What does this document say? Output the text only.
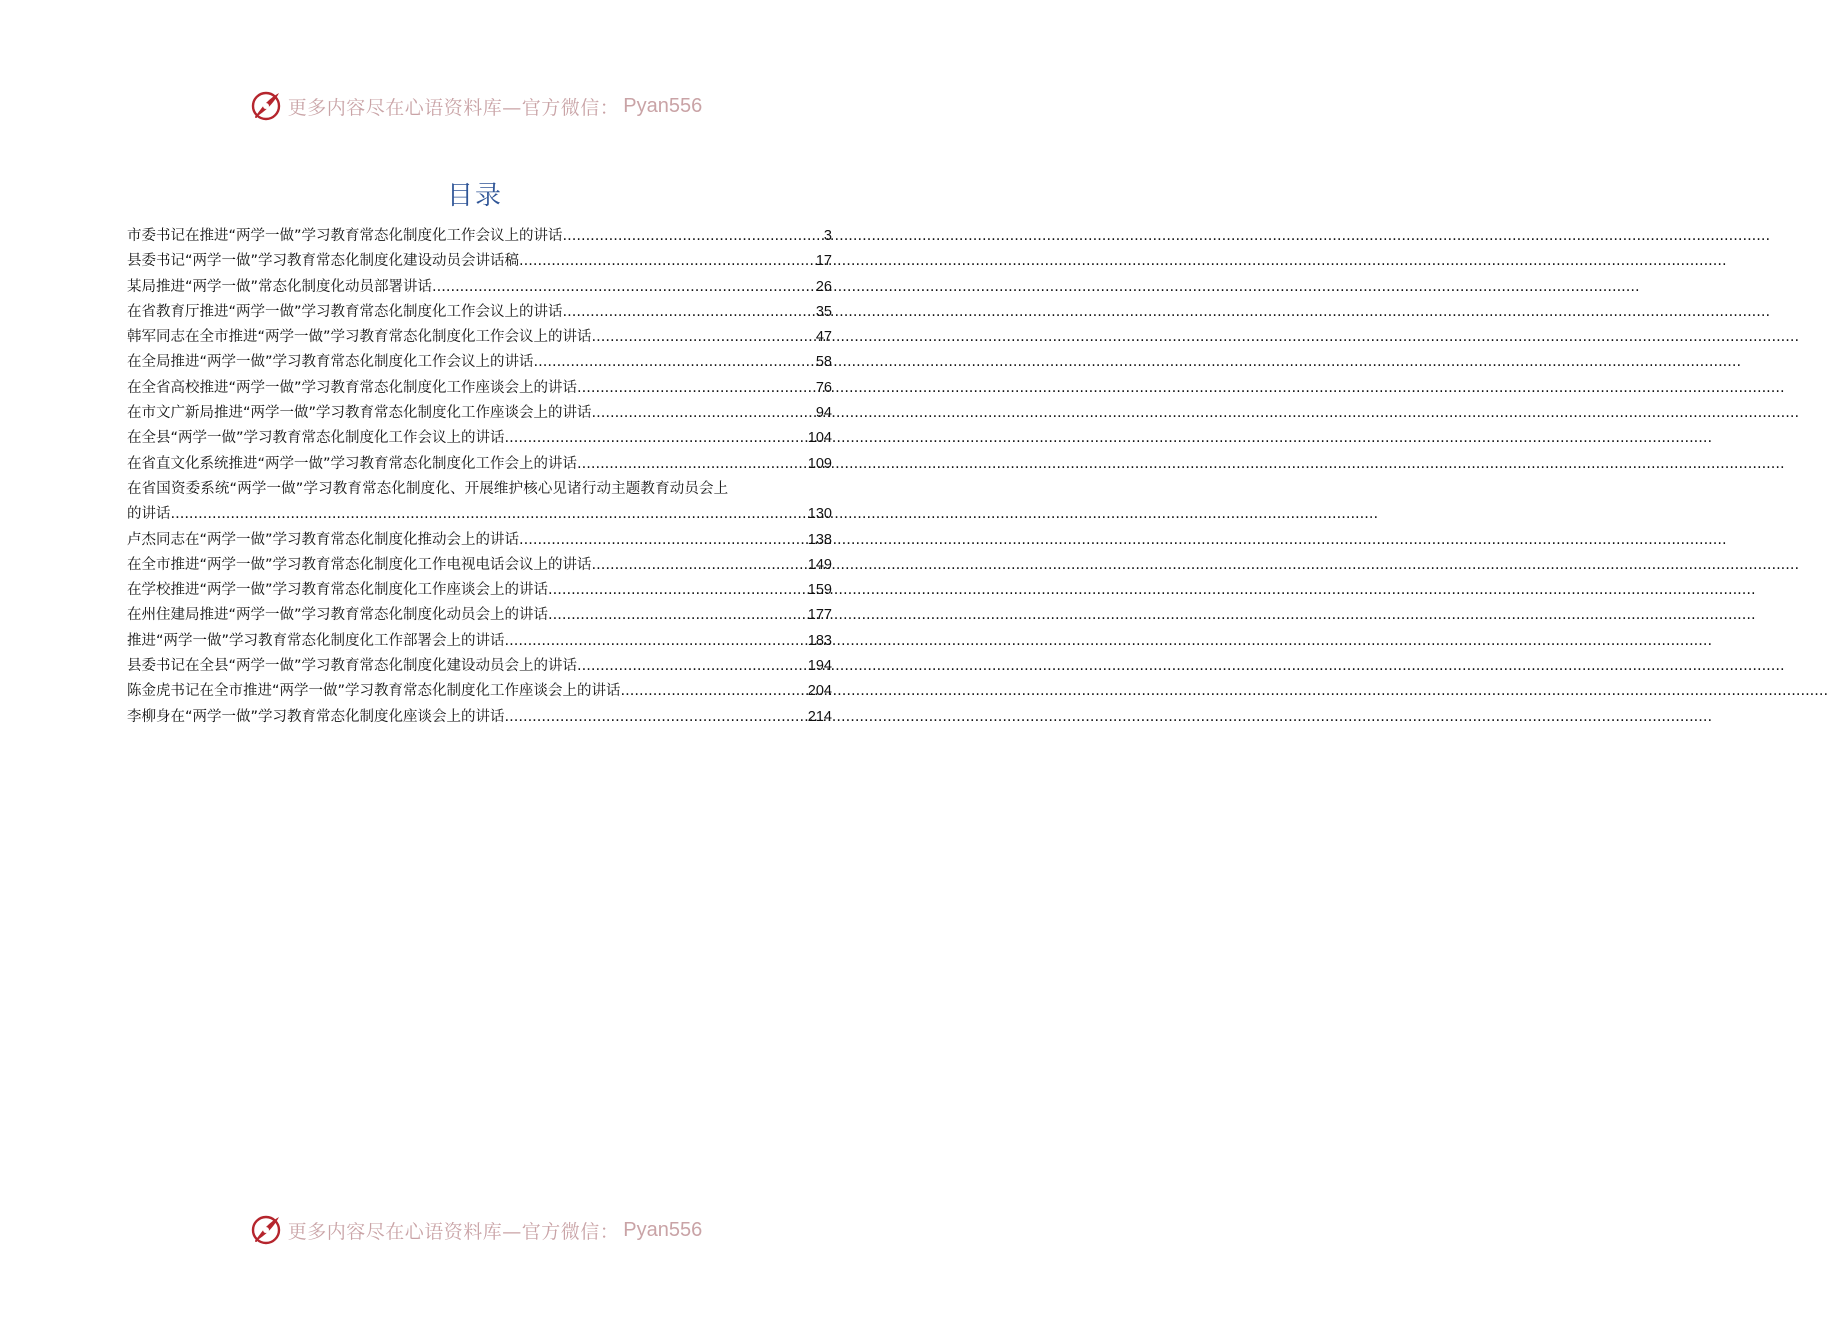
更多内容尽在心语资料库—官方微信： Pyan556
目录
市委书记在推进“两学一做”学习教育常态化制度化工作会议上的讲话 .....	3
县委书记“两学一做”学习教育常态化制度化建设动员会讲话稿 .....	17
某局推进“两学一做”常态化制度化动员部署讲话 .....	26
在省教育厅推进“两学一做”学习教育常态化制度化工作会议上的讲话 .....	35
韩军同志在全市推进“两学一做”学习教育常态化制度化工作会议上的讲话 .....	47
在全局推进“两学一做”学习教育常态化制度化工作会议上的讲话 .....	58
在全省高校推进“两学一做”学习教育常态化制度化工作座谈会上的讲话 .....	76
在市文广新局推进“两学一做”学习教育常态化制度化工作座谈会上的讲话 .....	94
在全县“两学一做”学习教育常态化制度化工作会议上的讲话 .....	104
在省直文化系统推进“两学一做”学习教育常态化制度化工作会上的讲话 .....	109
在省国资委系统“两学一做”学习教育常态化制度化、开展维护核心见诸行动主题教育动员会上
的讲话 .....	130
卢杰同志在“两学一做”学习教育常态化制度化推动会上的讲话 .....	138
在全市推进“两学一做”学习教育常态化制度化工作电视电话会议上的讲话 .....	149
在学校推进“两学一做”学习教育常态化制度化工作座谈会上的讲话 .....	159
在州住建局推进“两学一做”学习教育常态化制度化动员会上的讲话 .....	177
推进“两学一做”学习教育常态化制度化工作部署会上的讲话 .....	183
县委书记在全县“两学一做”学习教育常态化制度化建设动员会上的讲话 .....	194
陈金虎书记在全市推进“两学一做”学习教育常态化制度化工作座谈会上的讲话 .....	204
李柳身在“两学一做”学习教育常态化制度化座谈会上的讲话 .....	214
更多内容尽在心语资料库—官方微信： Pyan556
